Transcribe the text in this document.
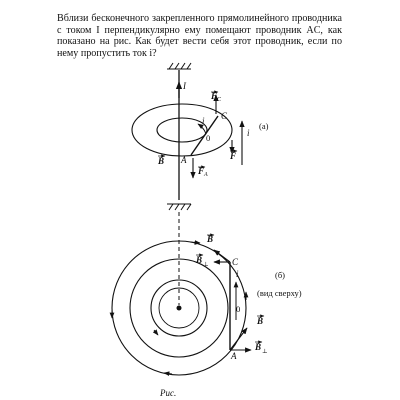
Вблизи бесконечного закрепленного прямолинейного проводника с током I перпендикулярно ему помещают проводник AC, как показано на рис. Как будет вести себя этот проводник, если по нему пропустить ток i?
I
i C
A
0
F C
F A
B
i
F
(а)
i
C
A
0
B
B ⊥
B
B ⊥
(б)
(вид сверху)
Рис.
